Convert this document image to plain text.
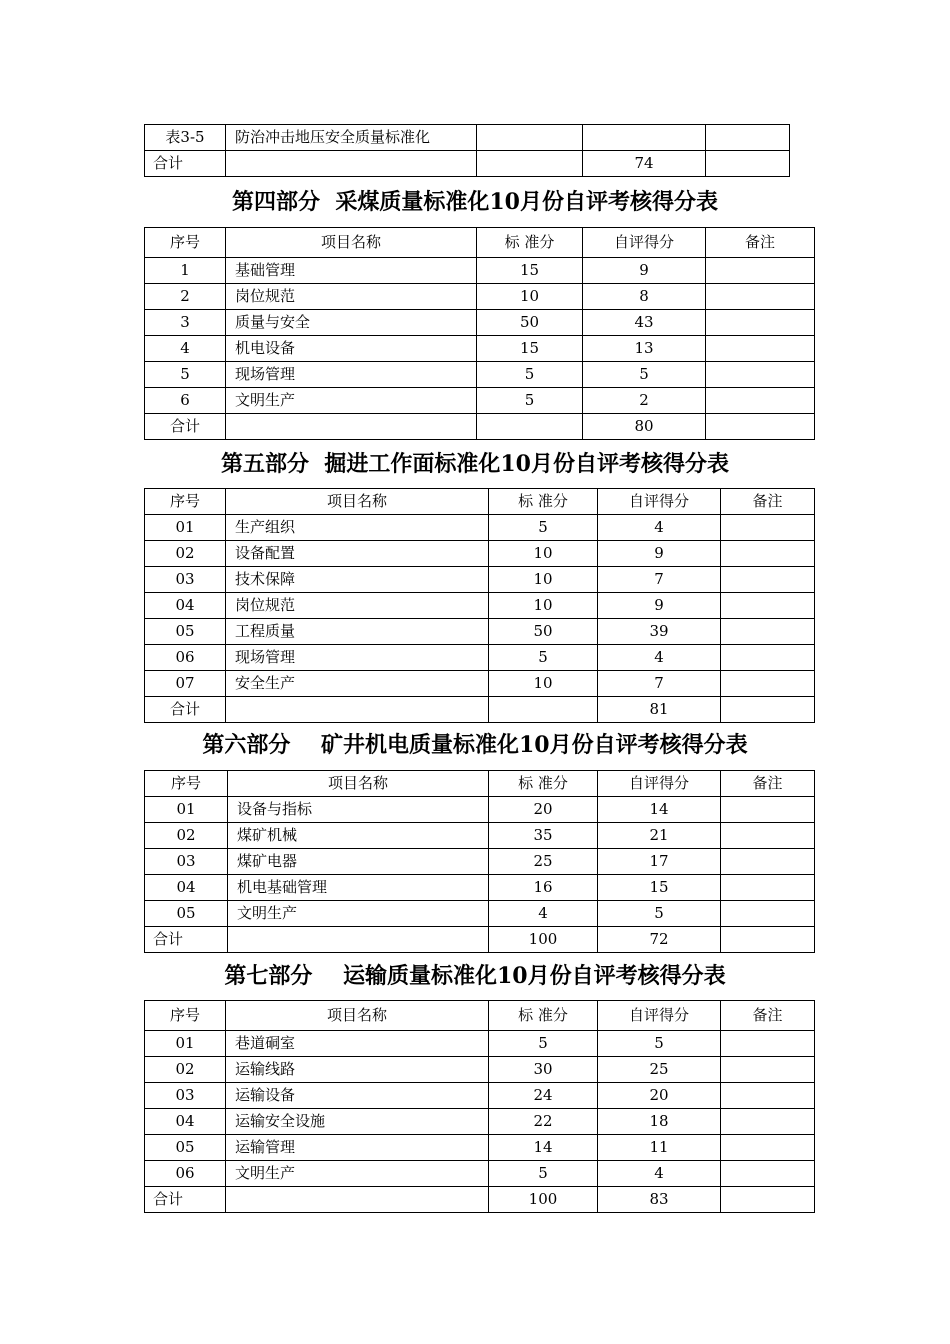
表3-5	防治冲击地压安全质量标准化			
合计			74	
第四部分  采煤质量标准化10月份自评考核得分表
序号	项目名称	标 准分	自评得分	备注
1	基础管理	15	9	
2	岗位规范	10	8	
3	质量与安全	50	43	
4	机电设备	15	13	
5	现场管理	5	5	
6	文明生产	5	2	
合计			80	
第五部分  掘进工作面标准化10月份自评考核得分表
序号	项目名称	标 准分	自评得分	备注
01	生产组织	5	4	
02	设备配置	10	9	
03	技术保障	10	7	
04	岗位规范	10	9	
05	工程质量	50	39	
06	现场管理	5	4	
07	安全生产	10	7	
合计			81	
第六部分    矿井机电质量标准化10月份自评考核得分表
序号	项目名称	标 准分	自评得分	备注
01	设备与指标	20	14	
02	煤矿机械	35	21	
03	煤矿电器	25	17	
04	机电基础管理	16	15	
05	文明生产	4	5	
合计		100	72	
第七部分    运输质量标准化10月份自评考核得分表
序号	项目名称	标 准分	自评得分	备注
01	巷道硐室	5	5	
02	运输线路	30	25	
03	运输设备	24	20	
04	运输安全设施	22	18	
05	运输管理	14	11	
06	文明生产	5	4	
合计		100	83	
